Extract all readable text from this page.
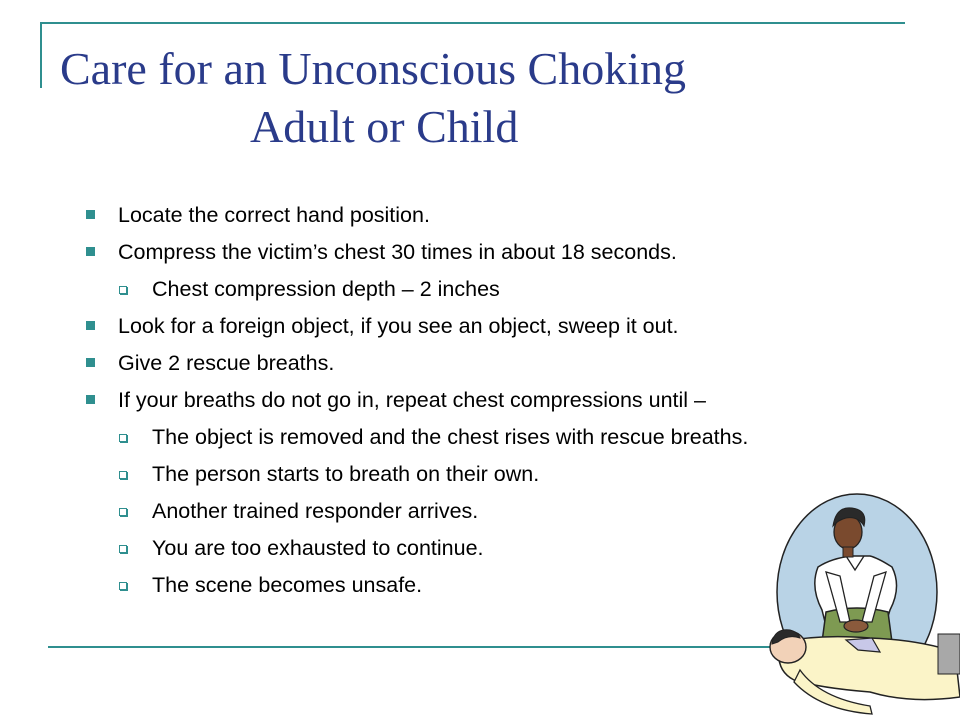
Care for an Unconscious Choking
Adult or Child
Locate the correct hand position.
Compress the victim’s chest 30 times in about 18 seconds.
Chest compression depth – 2 inches
Look for a foreign object, if you see an object, sweep it out.
Give 2 rescue breaths.
If your breaths do not go in, repeat chest compressions until –
The object is removed and the chest rises with rescue breaths.
The person starts to breath on their own.
Another trained responder arrives.
You are too exhausted to continue.
The scene becomes unsafe.
